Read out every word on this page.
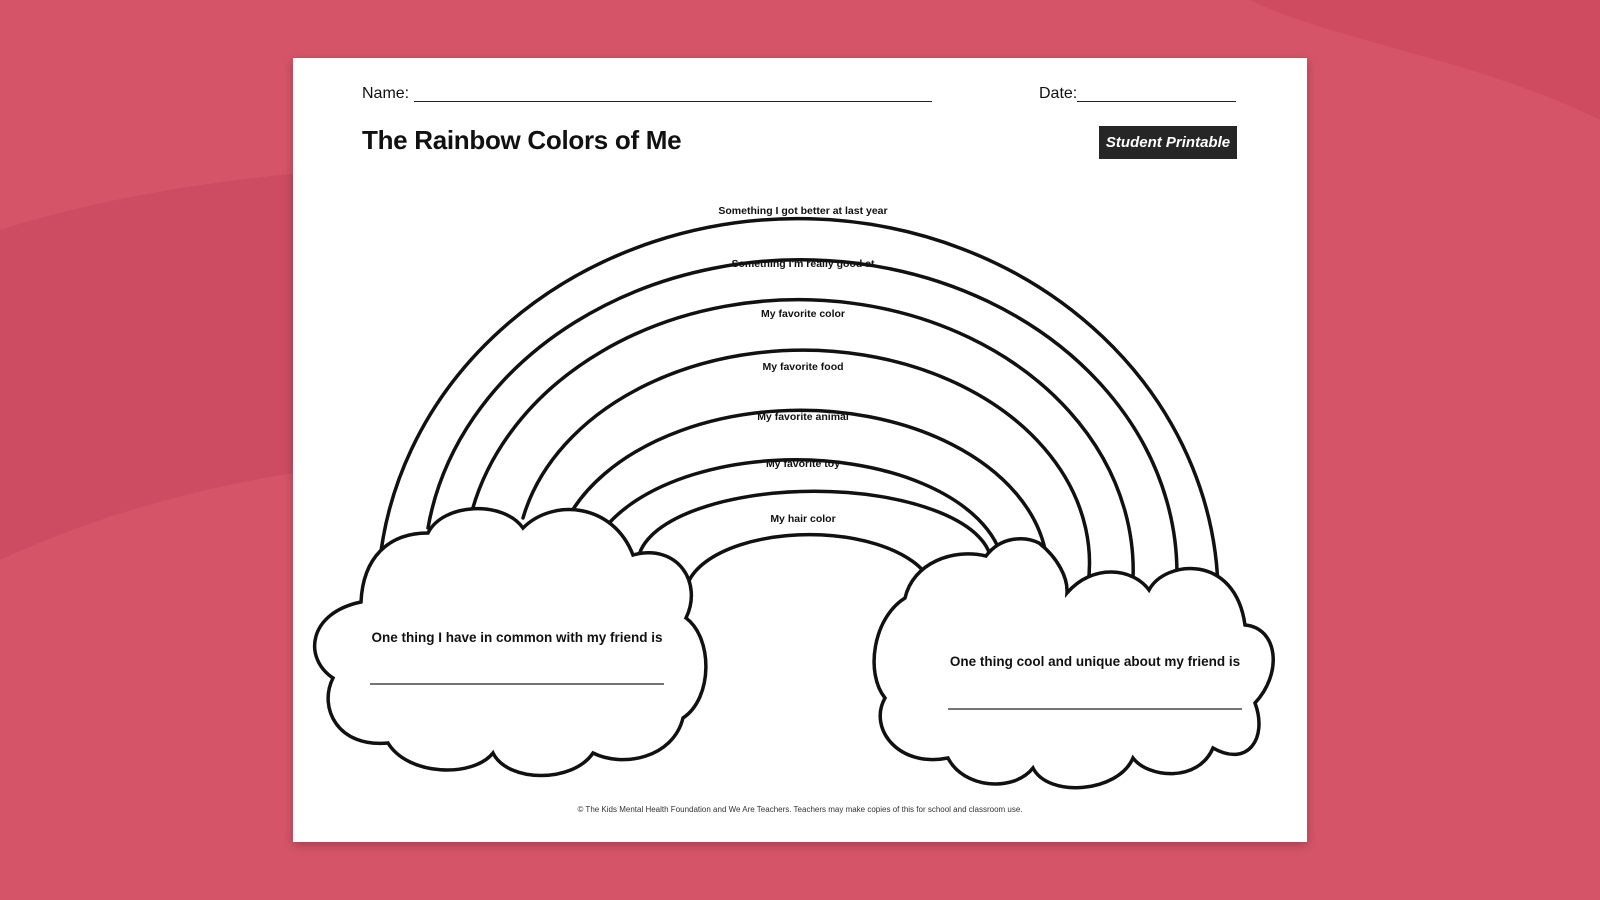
Name:	Date:
The Rainbow Colors of Me	Student Printable
Something I got better at last year
Something I'm really good at
My favorite color
My favorite food
My favorite animal
My favorite toy
My hair color
One thing I have in common with my friend is
One thing cool and unique about my friend is
© The Kids Mental Health Foundation and We Are Teachers. Teachers may make copies of this for school and classroom use.
